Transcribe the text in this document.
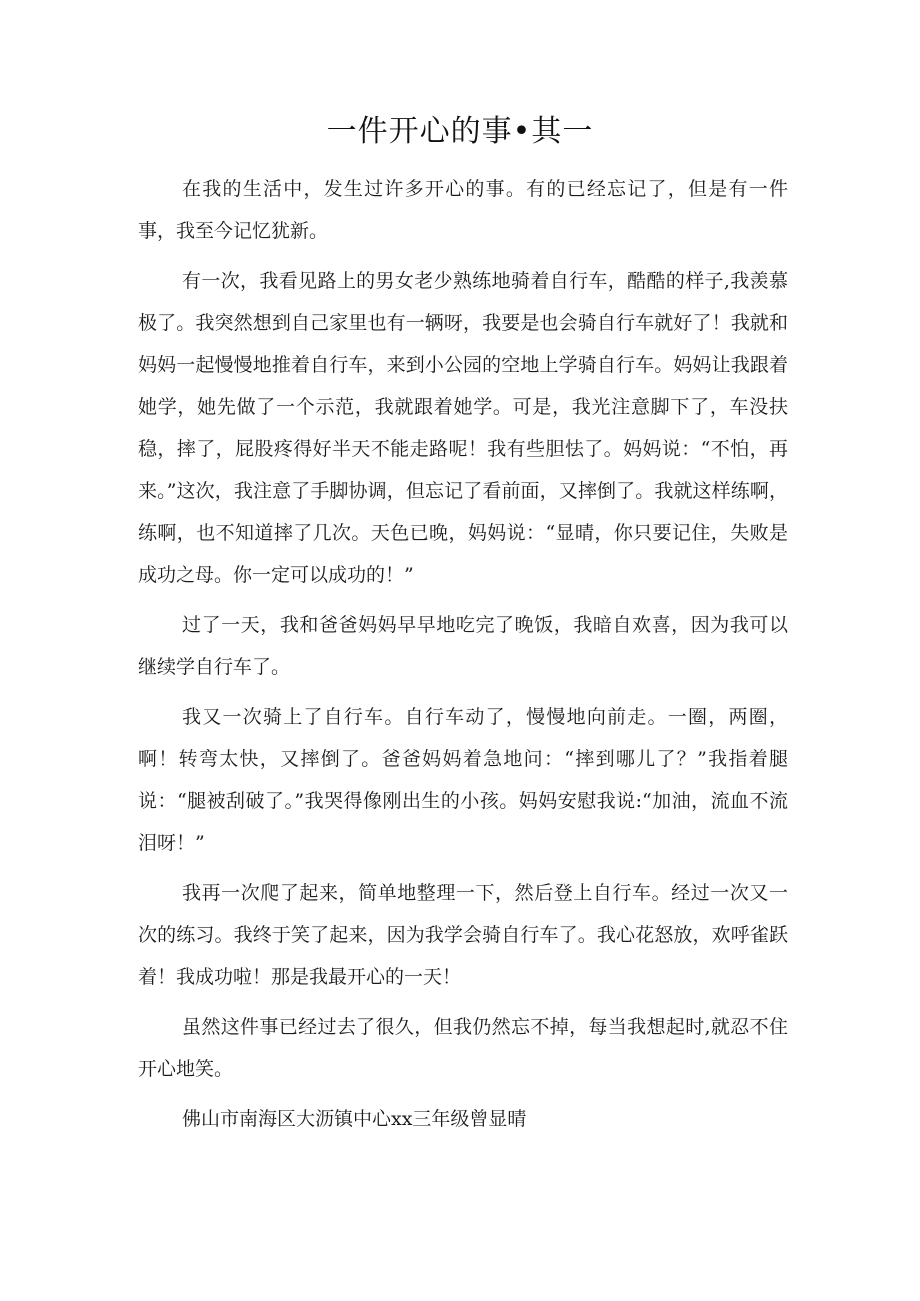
一件开心的事•其一

在我的生活中，发生过许多开心的事。有的已经忘记了，但是有一件事，我至今记忆犹新。

有一次，我看见路上的男女老少熟练地骑着自行车，酷酷的样子,我羡慕极了。我突然想到自己家里也有一辆呀，我要是也会骑自行车就好了！我就和妈妈一起慢慢地推着自行车，来到小公园的空地上学骑自行车。妈妈让我跟着她学，她先做了一个示范，我就跟着她学。可是，我光注意脚下了，车没扶稳，摔了，屁股疼得好半天不能走路呢！我有些胆怯了。妈妈说：“不怕，再来。”这次，我注意了手脚协调，但忘记了看前面，又摔倒了。我就这样练啊，练啊，也不知道摔了几次。天色已晚，妈妈说：“显晴，你只要记住，失败是成功之母。你一定可以成功的！”

过了一天，我和爸爸妈妈早早地吃完了晚饭，我暗自欢喜，因为我可以继续学自行车了。

我又一次骑上了自行车。自行车动了，慢慢地向前走。一圈，两圈，啊！转弯太快，又摔倒了。爸爸妈妈着急地问：“摔到哪儿了？”我指着腿说：“腿被刮破了。”我哭得像刚出生的小孩。妈妈安慰我说:“加油，流血不流泪呀！”

我再一次爬了起来，简单地整理一下，然后登上自行车。经过一次又一次的练习。我终于笑了起来，因为我学会骑自行车了。我心花怒放，欢呼雀跃着！我成功啦！那是我最开心的一天！

虽然这件事已经过去了很久，但我仍然忘不掉，每当我想起时,就忍不住开心地笑。

佛山市南海区大沥镇中心xx三年级曾显晴
